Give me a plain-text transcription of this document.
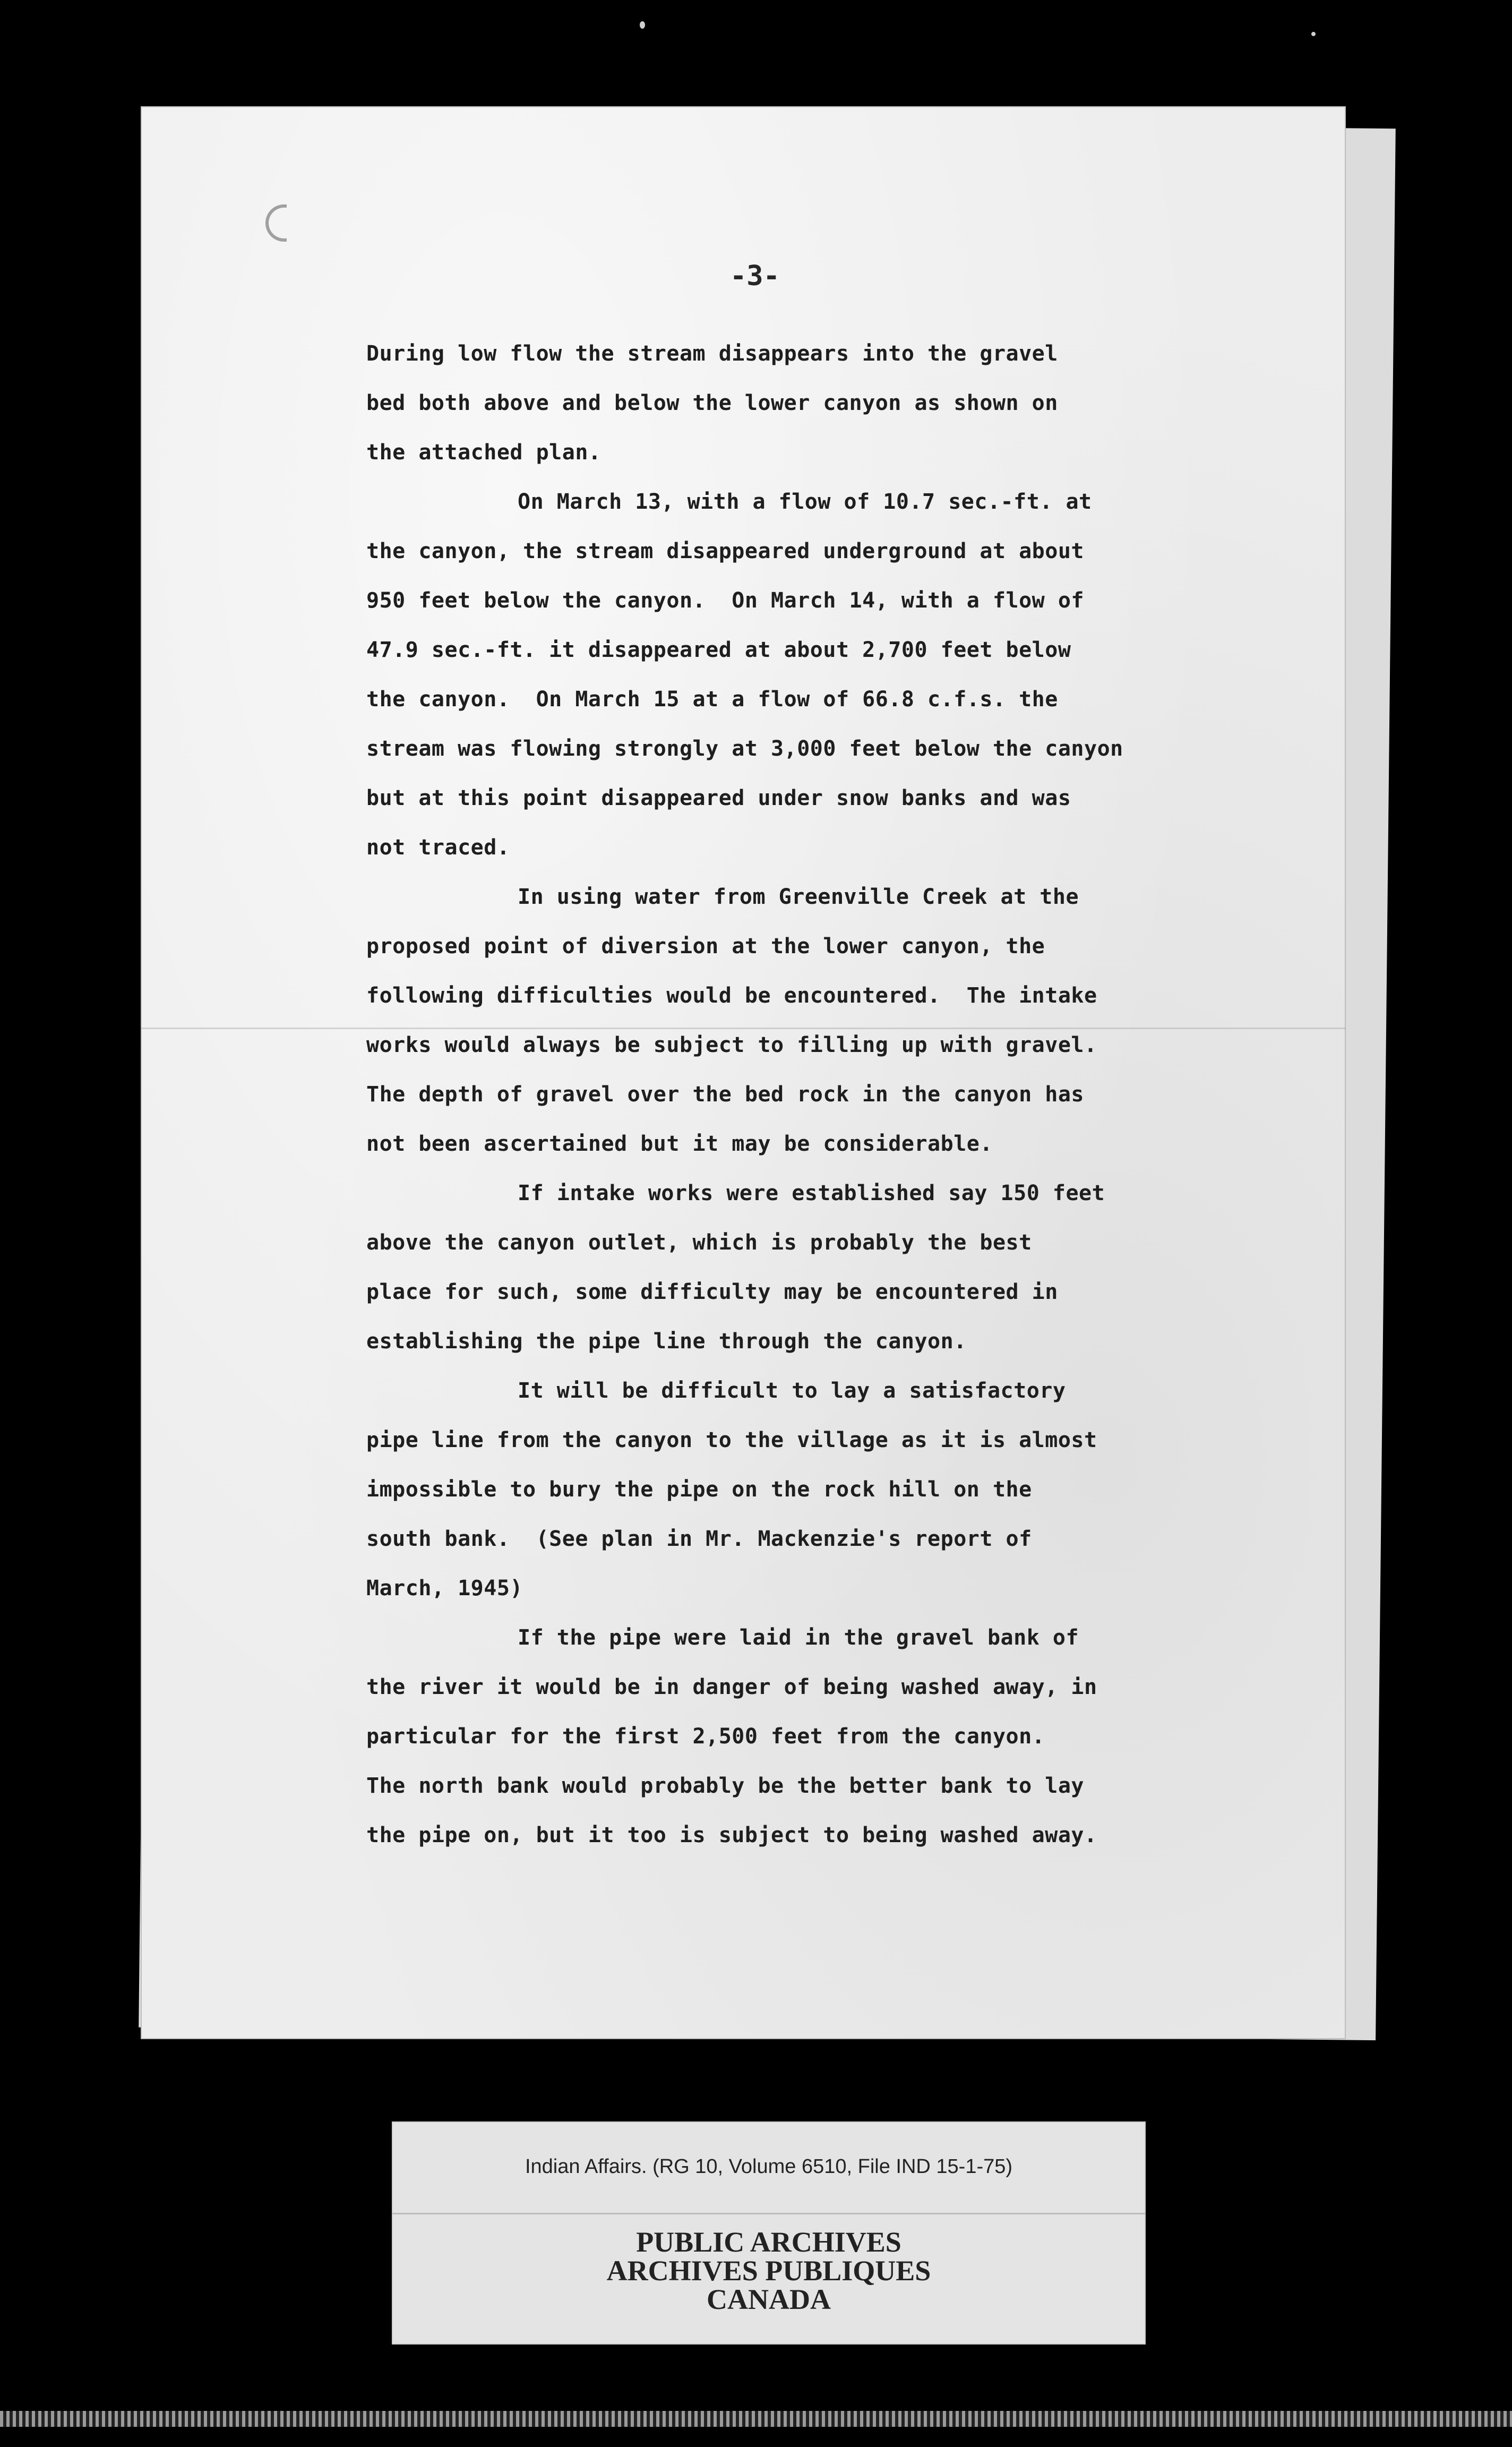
-3-
During low flow the stream disappears into the gravel
bed both above and below the lower canyon as shown on
the attached plan.
On March 13, with a flow of 10.7 sec.-ft. at
the canyon, the stream disappeared underground at about
950 feet below the canyon.  On March 14, with a flow of
47.9 sec.-ft. it disappeared at about 2,700 feet below
the canyon.  On March 15 at a flow of 66.8 c.f.s. the
stream was flowing strongly at 3,000 feet below the canyon
but at this point disappeared under snow banks and was
not traced.
In using water from Greenville Creek at the
proposed point of diversion at the lower canyon, the
following difficulties would be encountered.  The intake
works would always be subject to filling up with gravel.
The depth of gravel over the bed rock in the canyon has
not been ascertained but it may be considerable.
If intake works were established say 150 feet
above the canyon outlet, which is probably the best
place for such, some difficulty may be encountered in
establishing the pipe line through the canyon.
It will be difficult to lay a satisfactory
pipe line from the canyon to the village as it is almost
impossible to bury the pipe on the rock hill on the
south bank.  (See plan in Mr. Mackenzie's report of
March, 1945)
If the pipe were laid in the gravel bank of
the river it would be in danger of being washed away, in
particular for the first 2,500 feet from the canyon.
The north bank would probably be the better bank to lay
the pipe on, but it too is subject to being washed away.
Indian Affairs. (RG 10, Volume 6510, File IND 15-1-75)
PUBLIC ARCHIVES
ARCHIVES PUBLIQUES
CANADA
